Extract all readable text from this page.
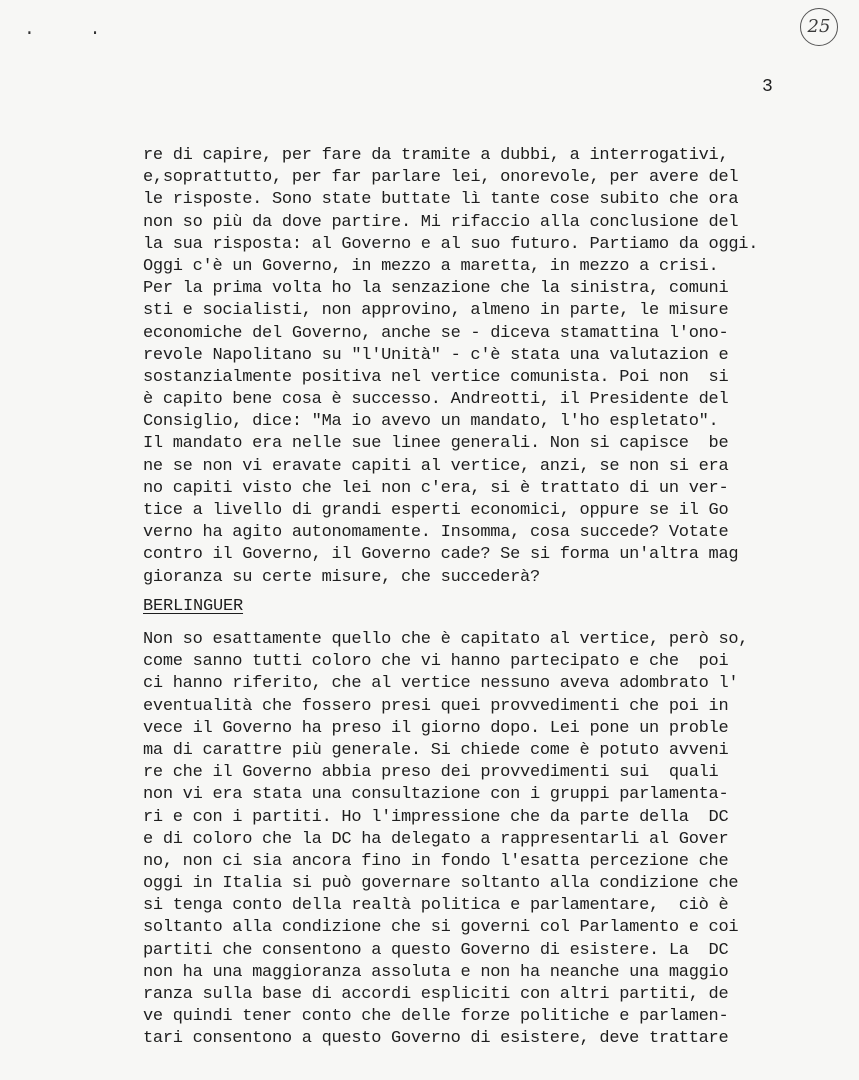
. .	25
3
re di capire, per fare da tramite a dubbi, a interrogativi,
e,soprattutto, per far parlare lei, onorevole, per avere del
le risposte. Sono state buttate lì tante cose subito che ora
non so più da dove partire. Mi rifaccio alla conclusione del
la sua risposta: al Governo e al suo futuro. Partiamo da oggi.
Oggi c'è un Governo, in mezzo a maretta, in mezzo a crisi.
Per la prima volta ho la senzazione che la sinistra, comuni
sti e socialisti, non approvino, almeno in parte, le misure
economiche del Governo, anche se - diceva stamattina l'ono-
revole Napolitano su "l'Unità" - c'è stata una valutazion e
sostanzialmente positiva nel vertice comunista. Poi non  si
è capito bene cosa è successo. Andreotti, il Presidente del
Consiglio, dice: "Ma io avevo un mandato, l'ho espletato".
Il mandato era nelle sue linee generali. Non si capisce  be
ne se non vi eravate capiti al vertice, anzi, se non si era
no capiti visto che lei non c'era, si è trattato di un ver-
tice a livello di grandi esperti economici, oppure se il Go
verno ha agito autonomamente. Insomma, cosa succede? Votate
contro il Governo, il Governo cade? Se si forma un'altra mag
gioranza su certe misure, che succederà?
BERLINGUER
Non so esattamente quello che è capitato al vertice, però so,
come sanno tutti coloro che vi hanno partecipato e che  poi
ci hanno riferito, che al vertice nessuno aveva adombrato l'
eventualità che fossero presi quei provvedimenti che poi in
vece il Governo ha preso il giorno dopo. Lei pone un proble
ma di carattre più generale. Si chiede come è potuto avveni
re che il Governo abbia preso dei provvedimenti sui  quali
non vi era stata una consultazione con i gruppi parlamenta-
ri e con i partiti. Ho l'impressione che da parte della  DC
e di coloro che la DC ha delegato a rappresentarli al Gover
no, non ci sia ancora fino in fondo l'esatta percezione che
oggi in Italia si può governare soltanto alla condizione che
si tenga conto della realtà politica e parlamentare,  ciò è
soltanto alla condizione che si governi col Parlamento e coi
partiti che consentono a questo Governo di esistere. La  DC
non ha una maggioranza assoluta e non ha neanche una maggio
ranza sulla base di accordi espliciti con altri partiti, de
ve quindi tener conto che delle forze politiche e parlamen-
tari consentono a questo Governo di esistere, deve trattare
